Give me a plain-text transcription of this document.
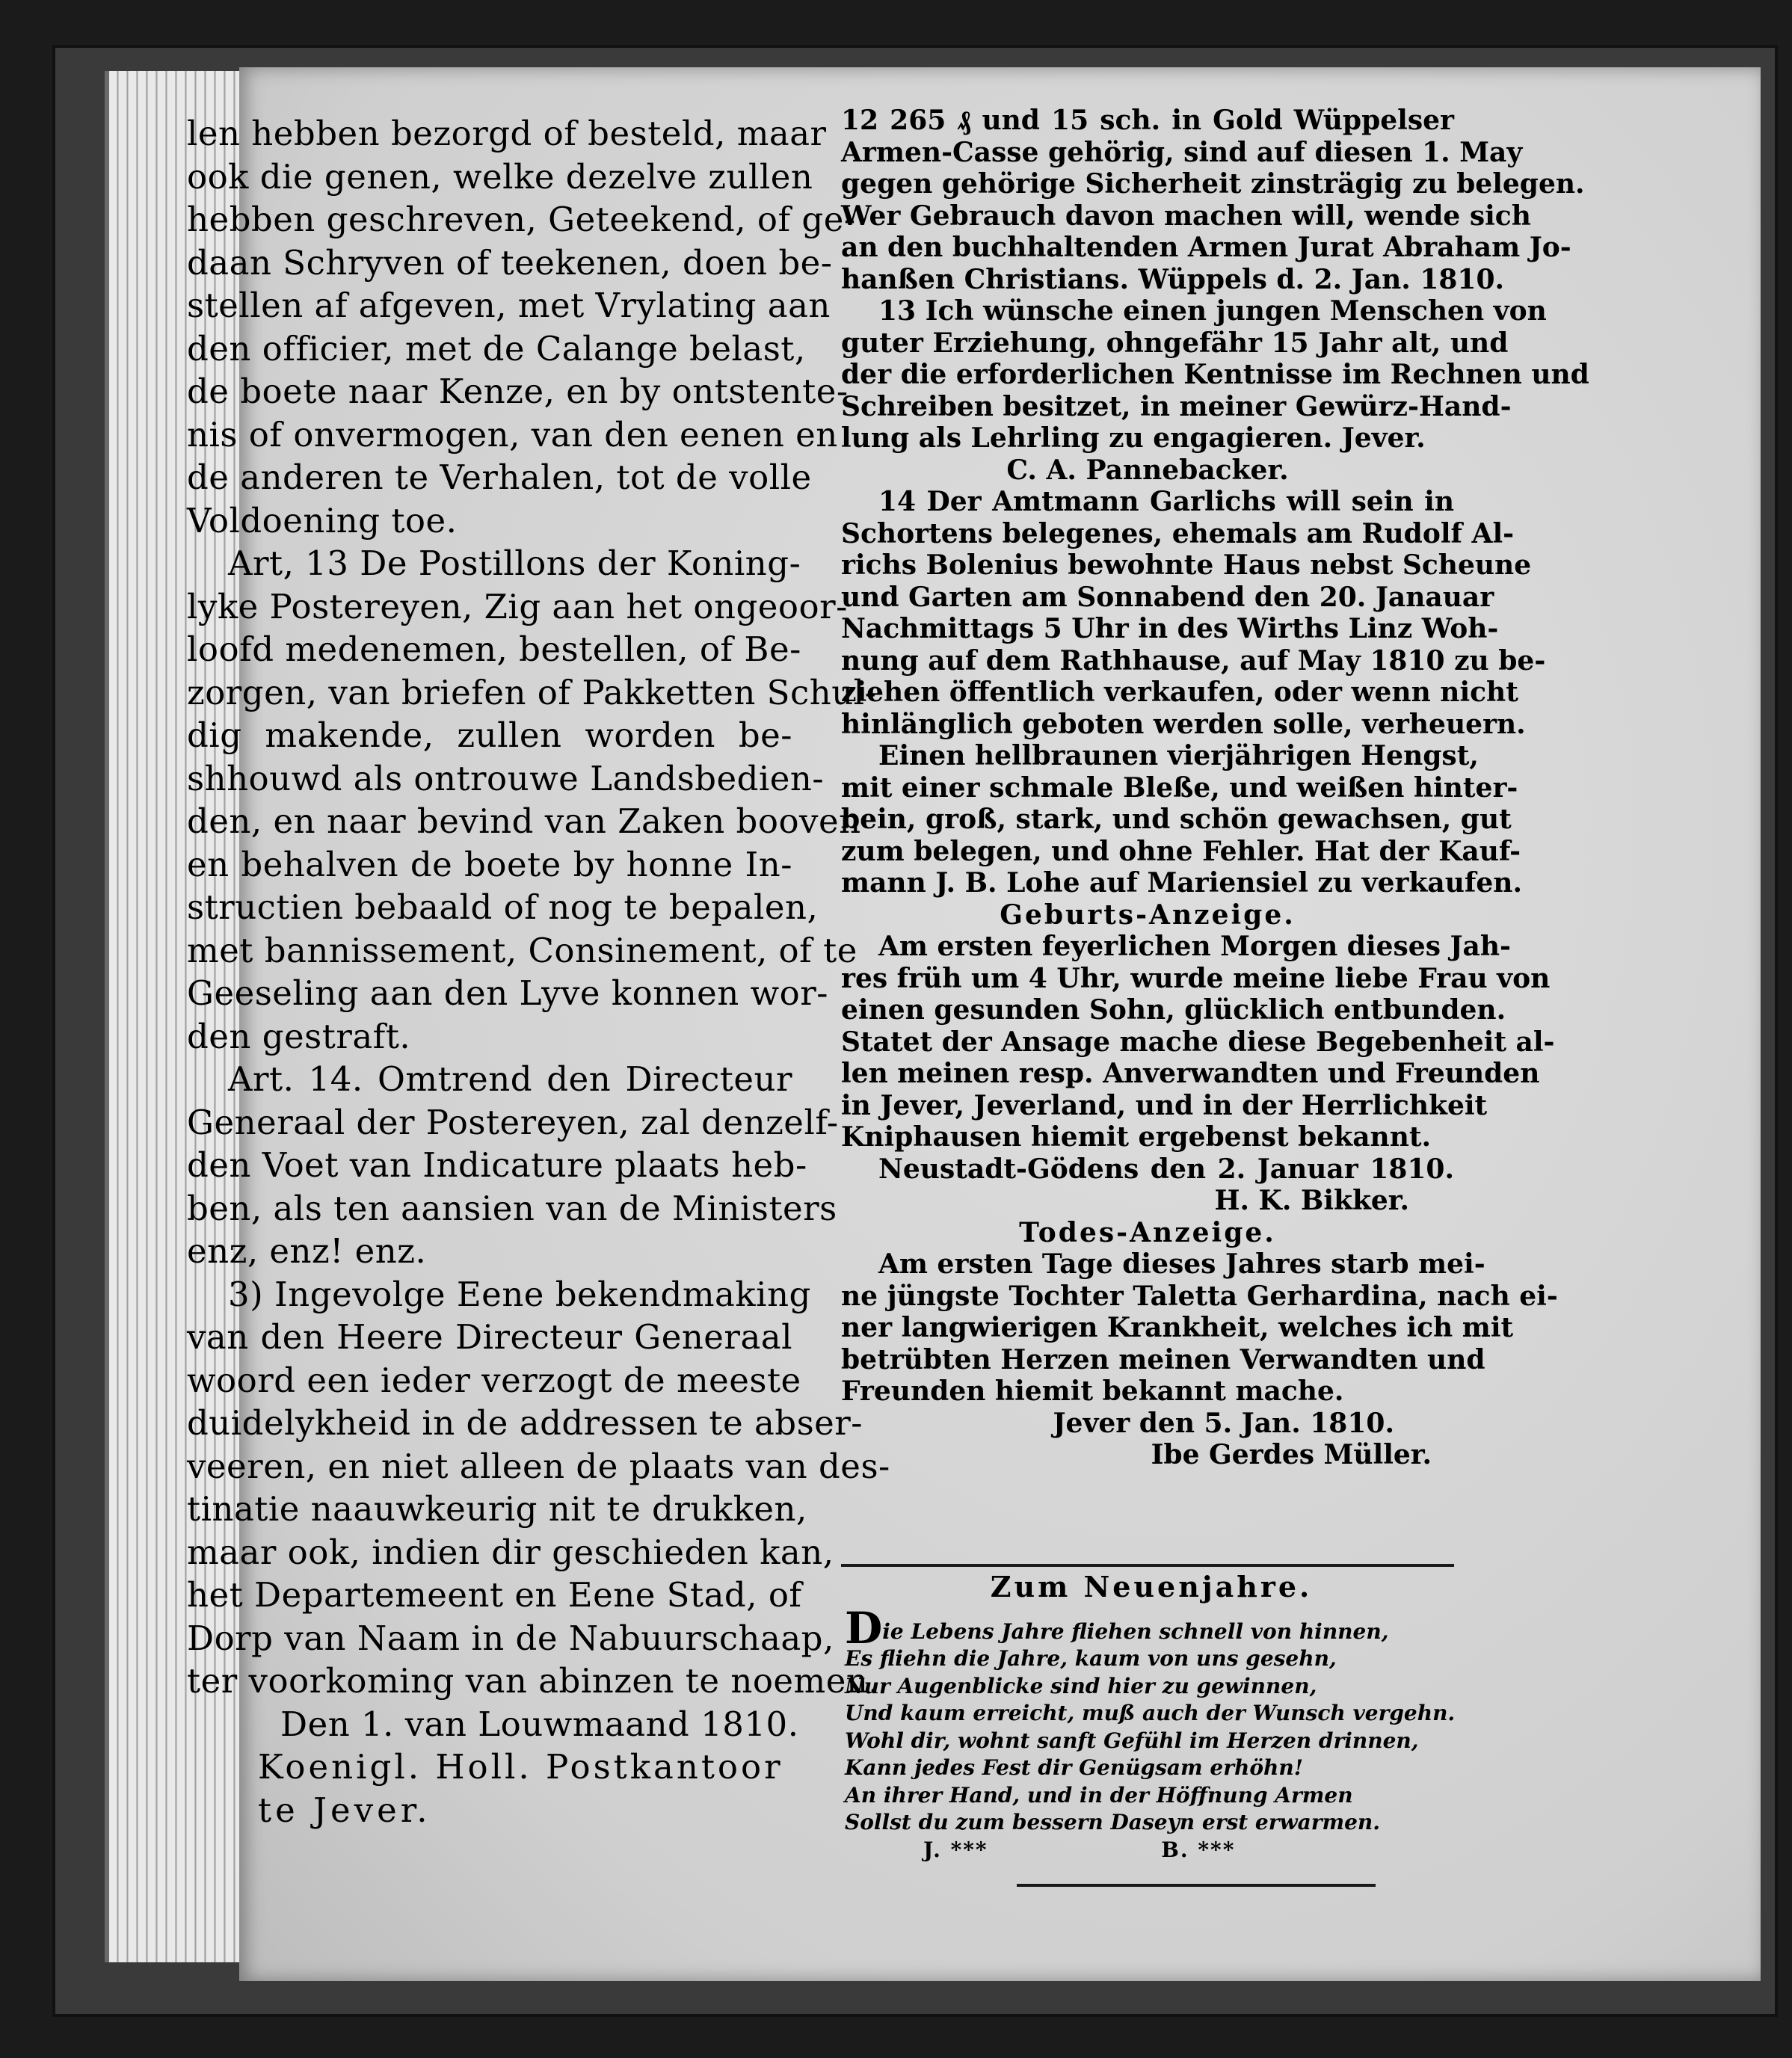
len hebben bezorgd of besteld, maar
ook die genen, welke dezelve zullen
hebben geschreven, Geteekend, of ge-
daan Schryven of teekenen, doen be-
stellen af afgeven, met Vrylating aan
den officier, met de Calange belast,
de boete naar Kenze, en by ontstente-
nis of onvermogen, van den eenen en
de anderen te Verhalen, tot de volle
Voldoening toe.
Art, 13 De Postillons der Koning-
lyke Postereyen, Zig aan het ongeoor-
loofd medenemen, bestellen, of Be-
zorgen, van briefen of Pakketten Schul-
dig makende, zullen worden be-
shhouwd als ontrouwe Landsbedien-
den, en naar bevind van Zaken booven
en behalven de boete by honne In-
structien bebaald of nog te bepalen,
met bannissement, Consinement, of te
Geeseling aan den Lyve konnen wor-
den gestraft.
Art. 14. Omtrend den Directeur
Generaal der Postereyen, zal denzelf-
den Voet van Indicature plaats heb-
ben, als ten aansien van de Ministers
enz, enz! enz.
3) Ingevolge Eene bekendmaking
van den Heere Directeur Generaal
woord een ieder verzogt de meeste
duidelykheid in de addressen te abser-
veeren, en niet alleen de plaats van des-
tinatie naauwkeurig nit te drukken,
maar ook, indien dir geschieden kan,
het Departemeent en Eene Stad, of
Dorp van Naam in de Nabuurschaap,
ter voorkoming van abinzen te noemen.
Den 1. van Louwmaand 1810.
Koenigl. Holl. Postkantoor
te Jever.
12 265 ₰ und 15 sch. in Gold Wüppelser
Armen-Casse gehörig, sind auf diesen 1. May
gegen gehörige Sicherheit zinsträgig zu belegen.
Wer Gebrauch davon machen will, wende sich
an den buchhaltenden Armen Jurat Abraham Jo-
hanßen Christians. Wüppels d. 2. Jan. 1810.
13 Ich wünsche einen jungen Menschen von
guter Erziehung, ohngefähr 15 Jahr alt, und
der die erforderlichen Kentnisse im Rechnen und
Schreiben besitzet, in meiner Gewürz-Hand-
lung als Lehrling zu engagieren. Jever.
C. A. Pannebacker.
14 Der Amtmann Garlichs will sein in
Schortens belegenes, ehemals am Rudolf Al-
richs Bolenius bewohnte Haus nebst Scheune
und Garten am Sonnabend den 20. Janauar
Nachmittags 5 Uhr in des Wirths Linz Woh-
nung auf dem Rathhause, auf May 1810 zu be-
ziehen öffentlich verkaufen, oder wenn nicht
hinlänglich geboten werden solle, verheuern.
Einen hellbraunen vierjährigen Hengst,
mit einer schmale Bleße, und weißen hinter-
bein, groß, stark, und schön gewachsen, gut
zum belegen, und ohne Fehler. Hat der Kauf-
mann J. B. Lohe auf Mariensiel zu verkaufen.
Geburts-Anzeige.
Am ersten feyerlichen Morgen dieses Jah-
res früh um 4 Uhr, wurde meine liebe Frau von
einen gesunden Sohn, glücklich entbunden.
Statet der Ansage mache diese Begebenheit al-
len meinen resp. Anverwandten und Freunden
in Jever, Jeverland, und in der Herrlichkeit
Kniphausen hiemit ergebenst bekannt.
Neustadt-Gödens den 2. Januar 1810.
H. K. Bikker.
Todes-Anzeige.
Am ersten Tage dieses Jahres starb mei-
ne jüngste Tochter Taletta Gerhardina, nach ei-
ner langwierigen Krankheit, welches ich mit
betrübten Herzen meinen Verwandten und
Freunden hiemit bekannt mache.
Jever den 5. Jan. 1810.
Ibe Gerdes Müller.
Zum Neuenjahre.
Die Lebens Jahre fliehen schnell von hinnen,
Es fliehn die Jahre, kaum von uns gesehn,
Nur Augenblicke sind hier zu gewinnen,
Und kaum erreicht, muß auch der Wunsch vergehn.
Wohl dir, wohnt sanft Gefühl im Herzen drinnen,
Kann jedes Fest dir Genügsam erhöhn!
An ihrer Hand, und in der Höffnung Armen
Sollst du zum bessern Daseyn erst erwarmen.
J. ***	B. ***
